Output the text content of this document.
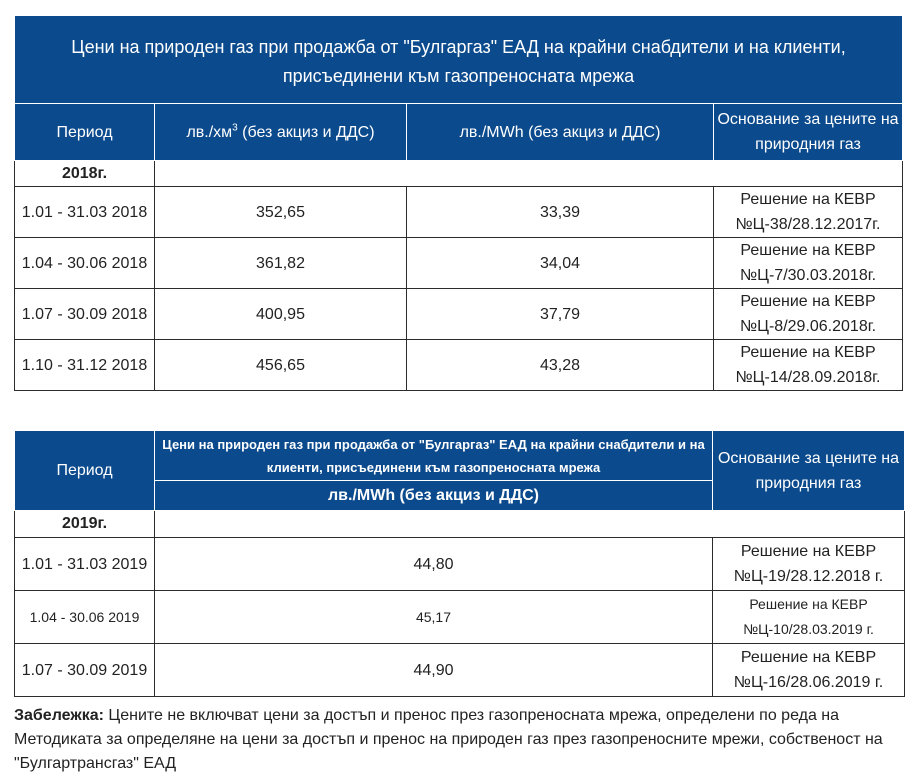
Цени на природен газ при продажба от "Булгаргаз" ЕАД на крайни снабдители и на клиенти, присъединени към газопреносната мрежа			
Период	$лв./хм^3$ (без акциз и ДДС)	лв./MWh (без акциз и ДДС)	Основание за цените на природния газ
2018г.			
1.01 - 31.03 2018	352,65	33,39	Решение на КЕВР №Ц-38/28.12.2017г.
1.04 - 30.06 2018	361,82	34,04	Решение на КЕВР №Ц-7/30.03.2018г.
1.07 - 30.09 2018	400,95	37,79	Решение на КЕВР №Ц-8/29.06.2018г.
1.10 - 31.12 2018	456,65	43,28	Решение на КЕВР №Ц-14/28.09.2018г.
Период	Цени на природен газ при продажба от "Булгаргаз" ЕАД на крайни снабдители и на клиенти, присъединени към газопреносната мрежа	Основание за цените на природния газ
	лв./MWh (без акциз и ДДС)	
2019г.		
1.01 - 31.03 2019	44,80	Решение на КЕВР №Ц-19/28.12.2018 г.
1.04 - 30.06 2019	45,17	Решение на КЕВР №Ц-10/28.03.2019 г.
1.07 - 30.09 2019	44,90	Решение на КЕВР №Ц-16/28.06.2019 г.
Забележка: Цените не включват цени за достъп и пренос през газопреносната мрежа, определени по реда на Методиката за определяне на цени за достъп и пренос на природен газ през газопреносните мрежи, собственост на "Булгартрансгаз" ЕАД
